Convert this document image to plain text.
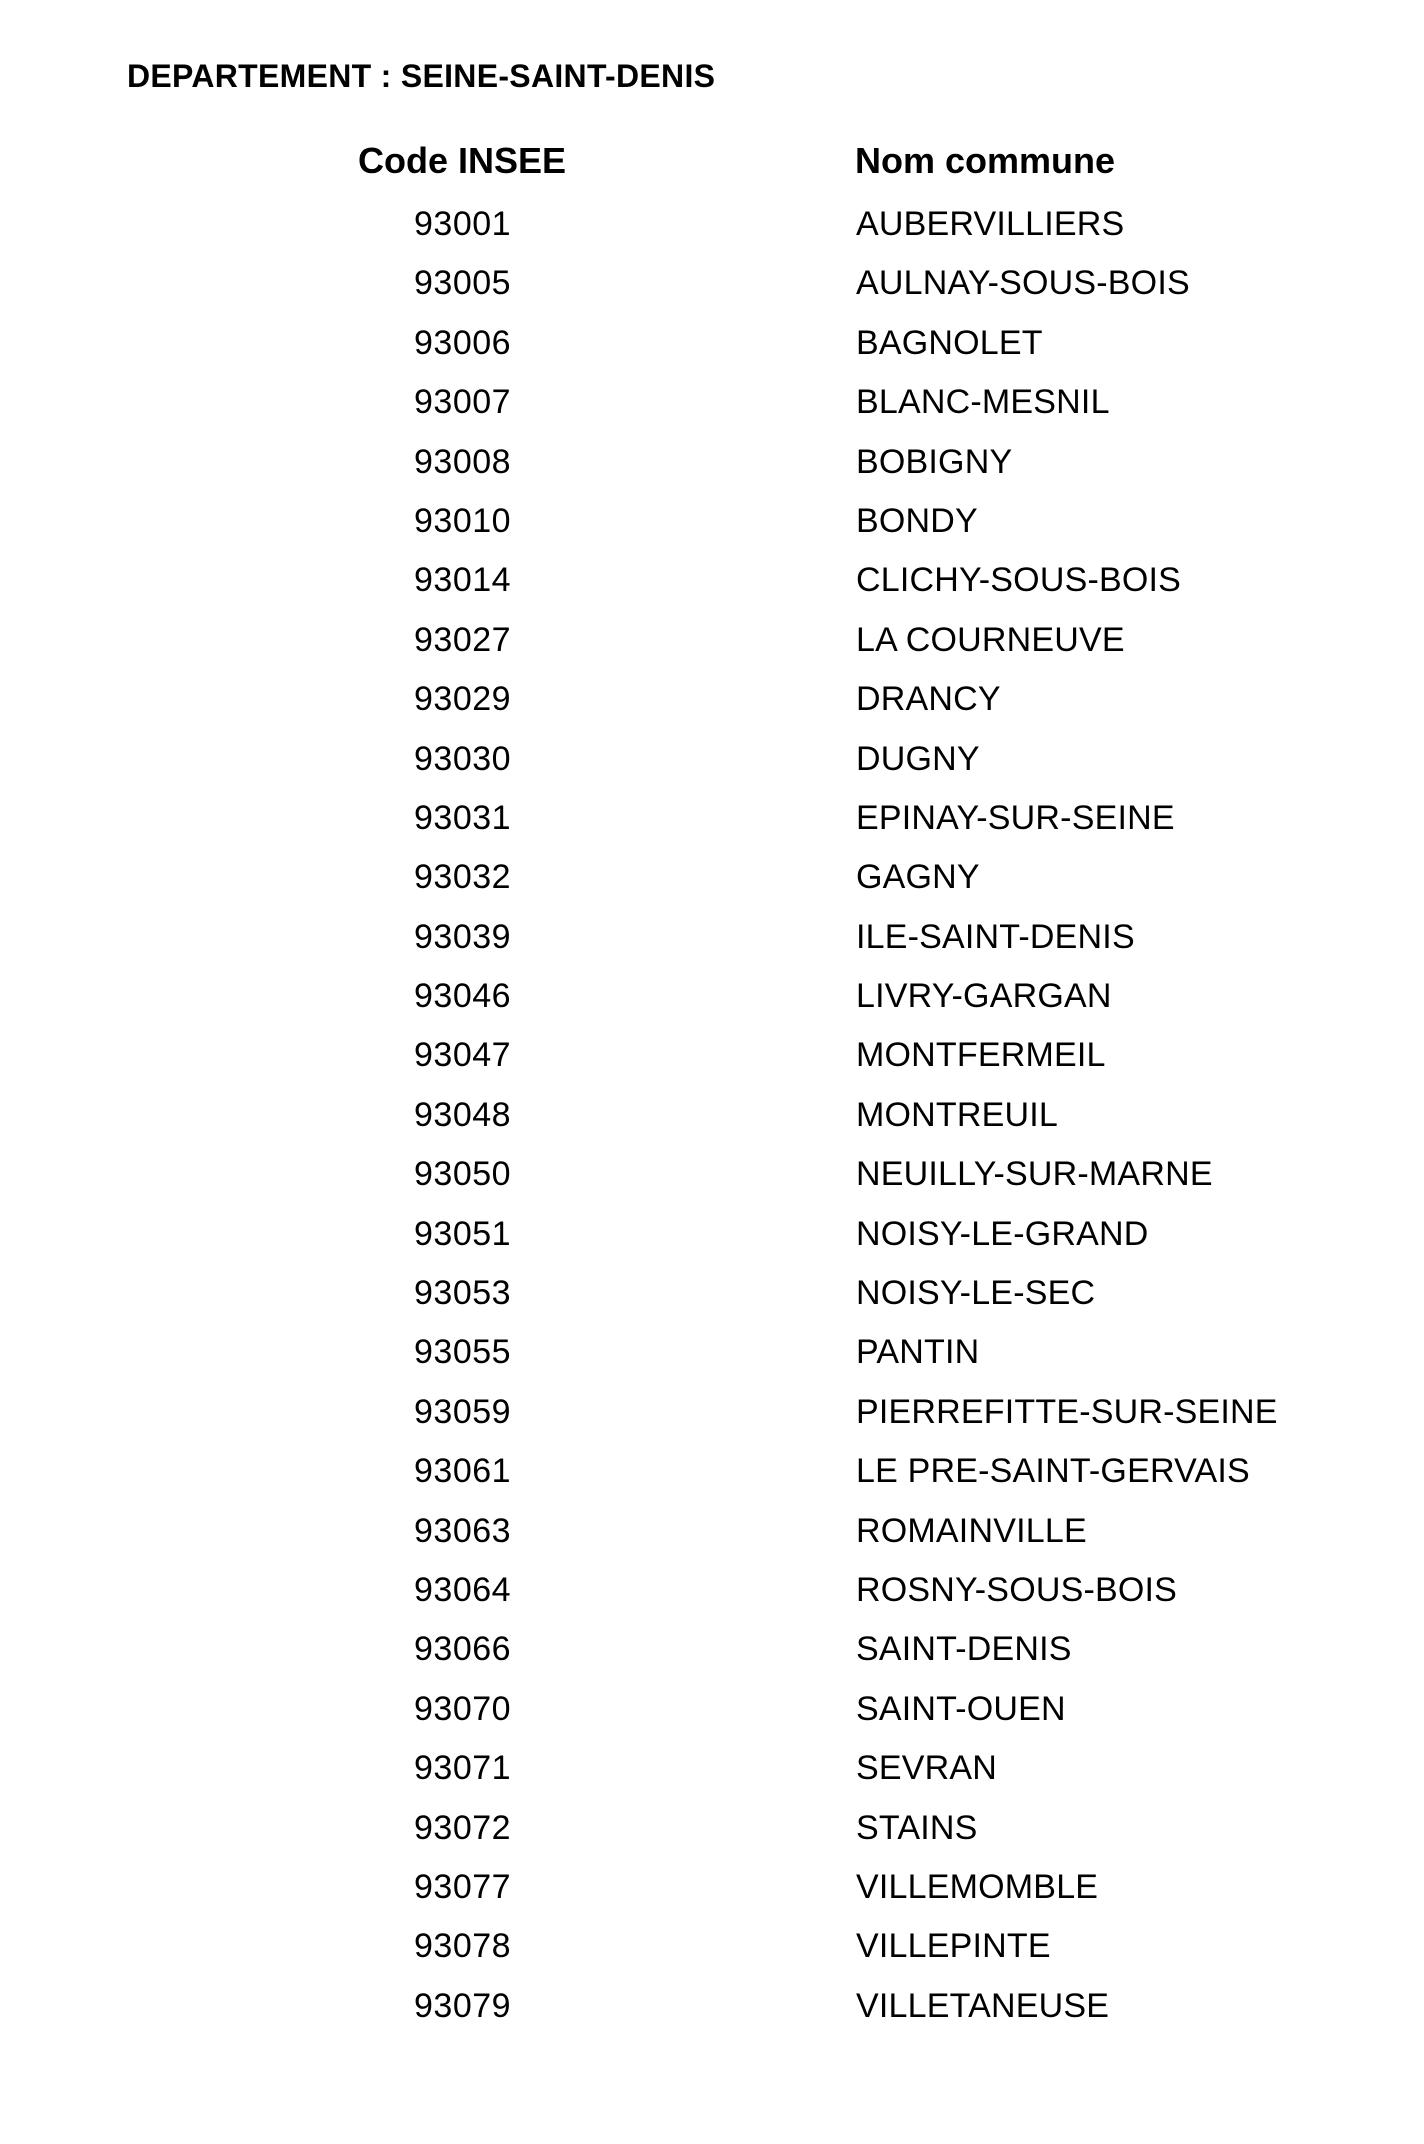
DEPARTEMENT : SEINE-SAINT-DENIS
Code INSEE	Nom commune
93001	AUBERVILLIERS
93005	AULNAY-SOUS-BOIS
93006	BAGNOLET
93007	BLANC-MESNIL
93008	BOBIGNY
93010	BONDY
93014	CLICHY-SOUS-BOIS
93027	LA COURNEUVE
93029	DRANCY
93030	DUGNY
93031	EPINAY-SUR-SEINE
93032	GAGNY
93039	ILE-SAINT-DENIS
93046	LIVRY-GARGAN
93047	MONTFERMEIL
93048	MONTREUIL
93050	NEUILLY-SUR-MARNE
93051	NOISY-LE-GRAND
93053	NOISY-LE-SEC
93055	PANTIN
93059	PIERREFITTE-SUR-SEINE
93061	LE PRE-SAINT-GERVAIS
93063	ROMAINVILLE
93064	ROSNY-SOUS-BOIS
93066	SAINT-DENIS
93070	SAINT-OUEN
93071	SEVRAN
93072	STAINS
93077	VILLEMOMBLE
93078	VILLEPINTE
93079	VILLETANEUSE
